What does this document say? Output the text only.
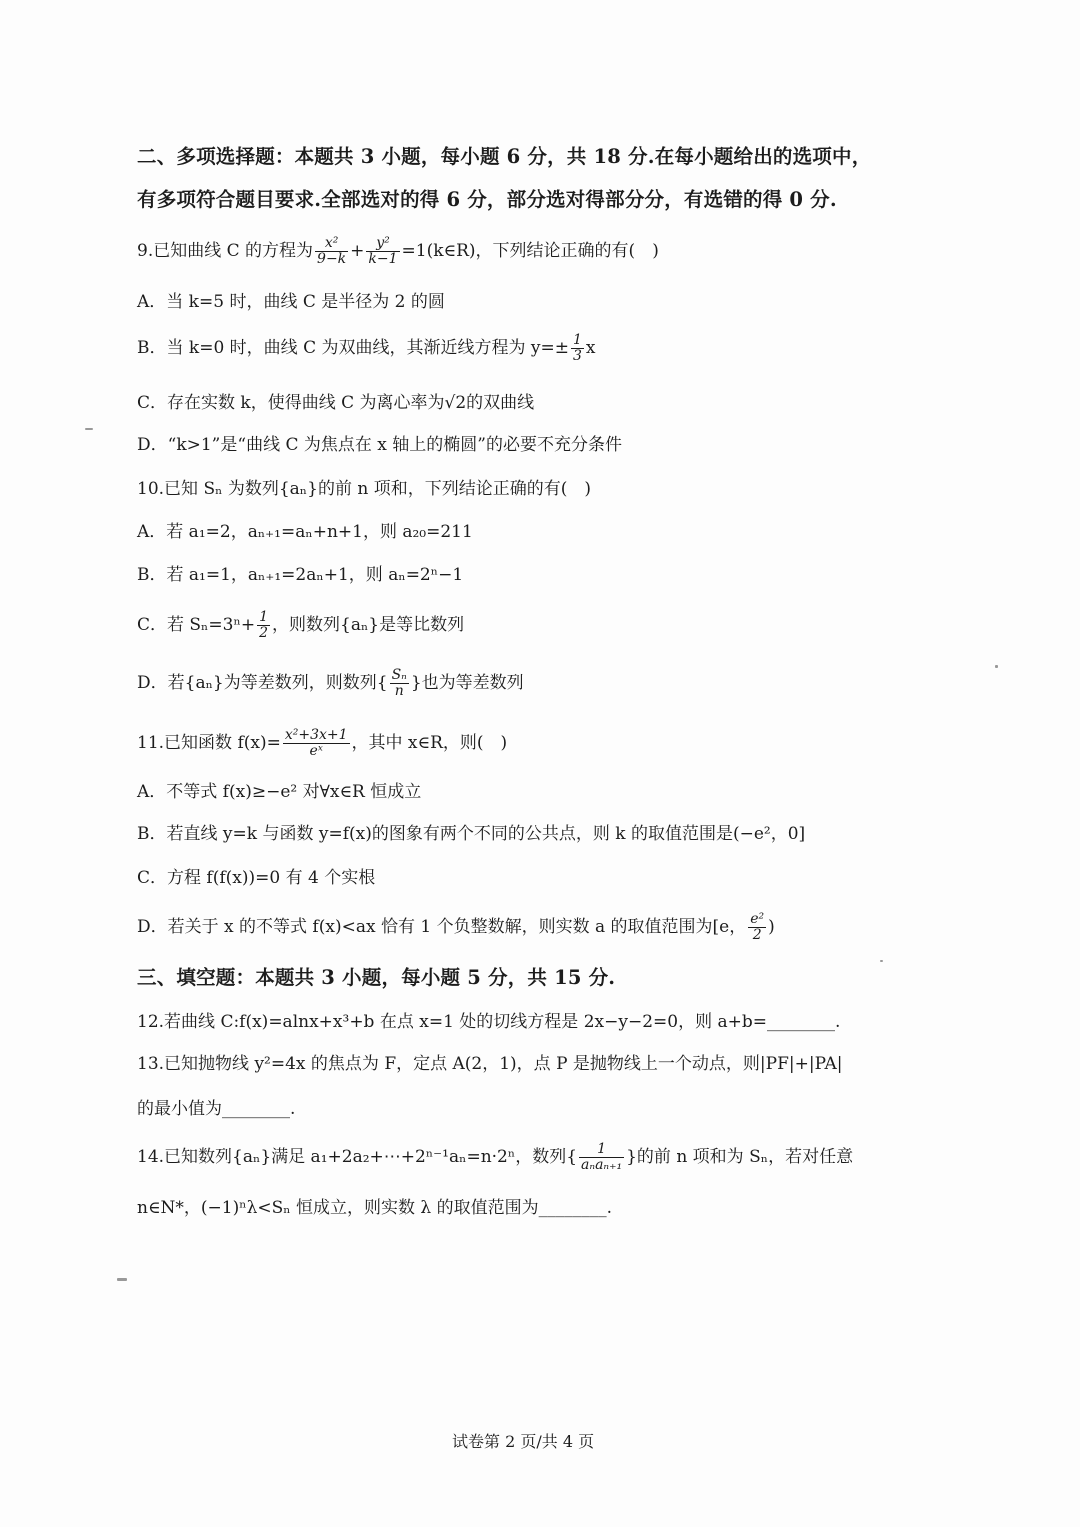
二、多项选择题：本题共 3 小题，每小题 6 分，共 18 分.在每小题给出的选项中，
有多项符合题目要求.全部选对的得 6 分，部分选对得部分分，有选错的得 0 分.
9.已知曲线 C 的方程为 $\frac{\text{x²}}{9-k} + \frac{\text{y²}}{k-1}$ =1(k∈R)，下列结论正确的有(　)
A．当 k=5 时，曲线 C 是半径为 2 的圆
B．当 k=0 时，曲线 C 为双曲线，其渐近线方程为 $y=\pm \frac{1}{3}$ x
C．存在实数 k，使得曲线 C 为离心率为√2的双曲线
D．“k>1”是“曲线 C 为焦点在 x 轴上的椭圆”的必要不充分条件
10.已知 Sₙ 为数列{aₙ}的前 n 项和，下列结论正确的有(　)
A．若 a₁=2，aₙ₊₁=aₙ+n+1，则 a₂₀=211
B．若 a₁=1，aₙ₊₁=2aₙ+1，则 aₙ=2ⁿ−1
C．若 $S_n=3^n+ \frac{1}{2}$ ，则数列{aₙ}是等比数列
D．若{aₙ}为等差数列，则数列{ $\frac{\text{Sₙ}}{n}$ }也为等差数列
11.已知函数 $f(x)= \frac{\text{x²+3x+1}}{\text{eˣ}}$ ，其中 x∈R，则(　)
A．不等式 f(x)≥−e² 对∀x∈R 恒成立
B．若直线 y=k 与函数 y=f(x)的图象有两个不同的公共点，则 k 的取值范围是(−e²，0]
C．方程 f(f(x))=0 有 4 个实根
D．若关于 x 的不等式 f(x)<ax 恰有 1 个负整数解，则实数 a 的取值范围为[e， $\frac{\text{e²}}{2}$ )
三、填空题：本题共 3 小题，每小题 5 分，共 15 分.
12.若曲线 C:f(x)=alnx+x³+b 在点 x=1 处的切线方程是 2x−y−2=0，则 a+b=________.
13.已知抛物线 y²=4x 的焦点为 F，定点 A(2，1)，点 P 是抛物线上一个动点，则|PF|+|PA|
的最小值为________.
14.已知数列{aₙ}满足 a₁+2a₂+⋯+2ⁿ⁻¹aₙ=n·2ⁿ，数列{ $\frac{1}{\text{aₙaₙ₊₁}}$ }的前 n 项和为 Sₙ，若对任意
n∈N*，(−1)ⁿλ<Sₙ 恒成立，则实数 λ 的取值范围为________.
试卷第 2 页/共 4 页
